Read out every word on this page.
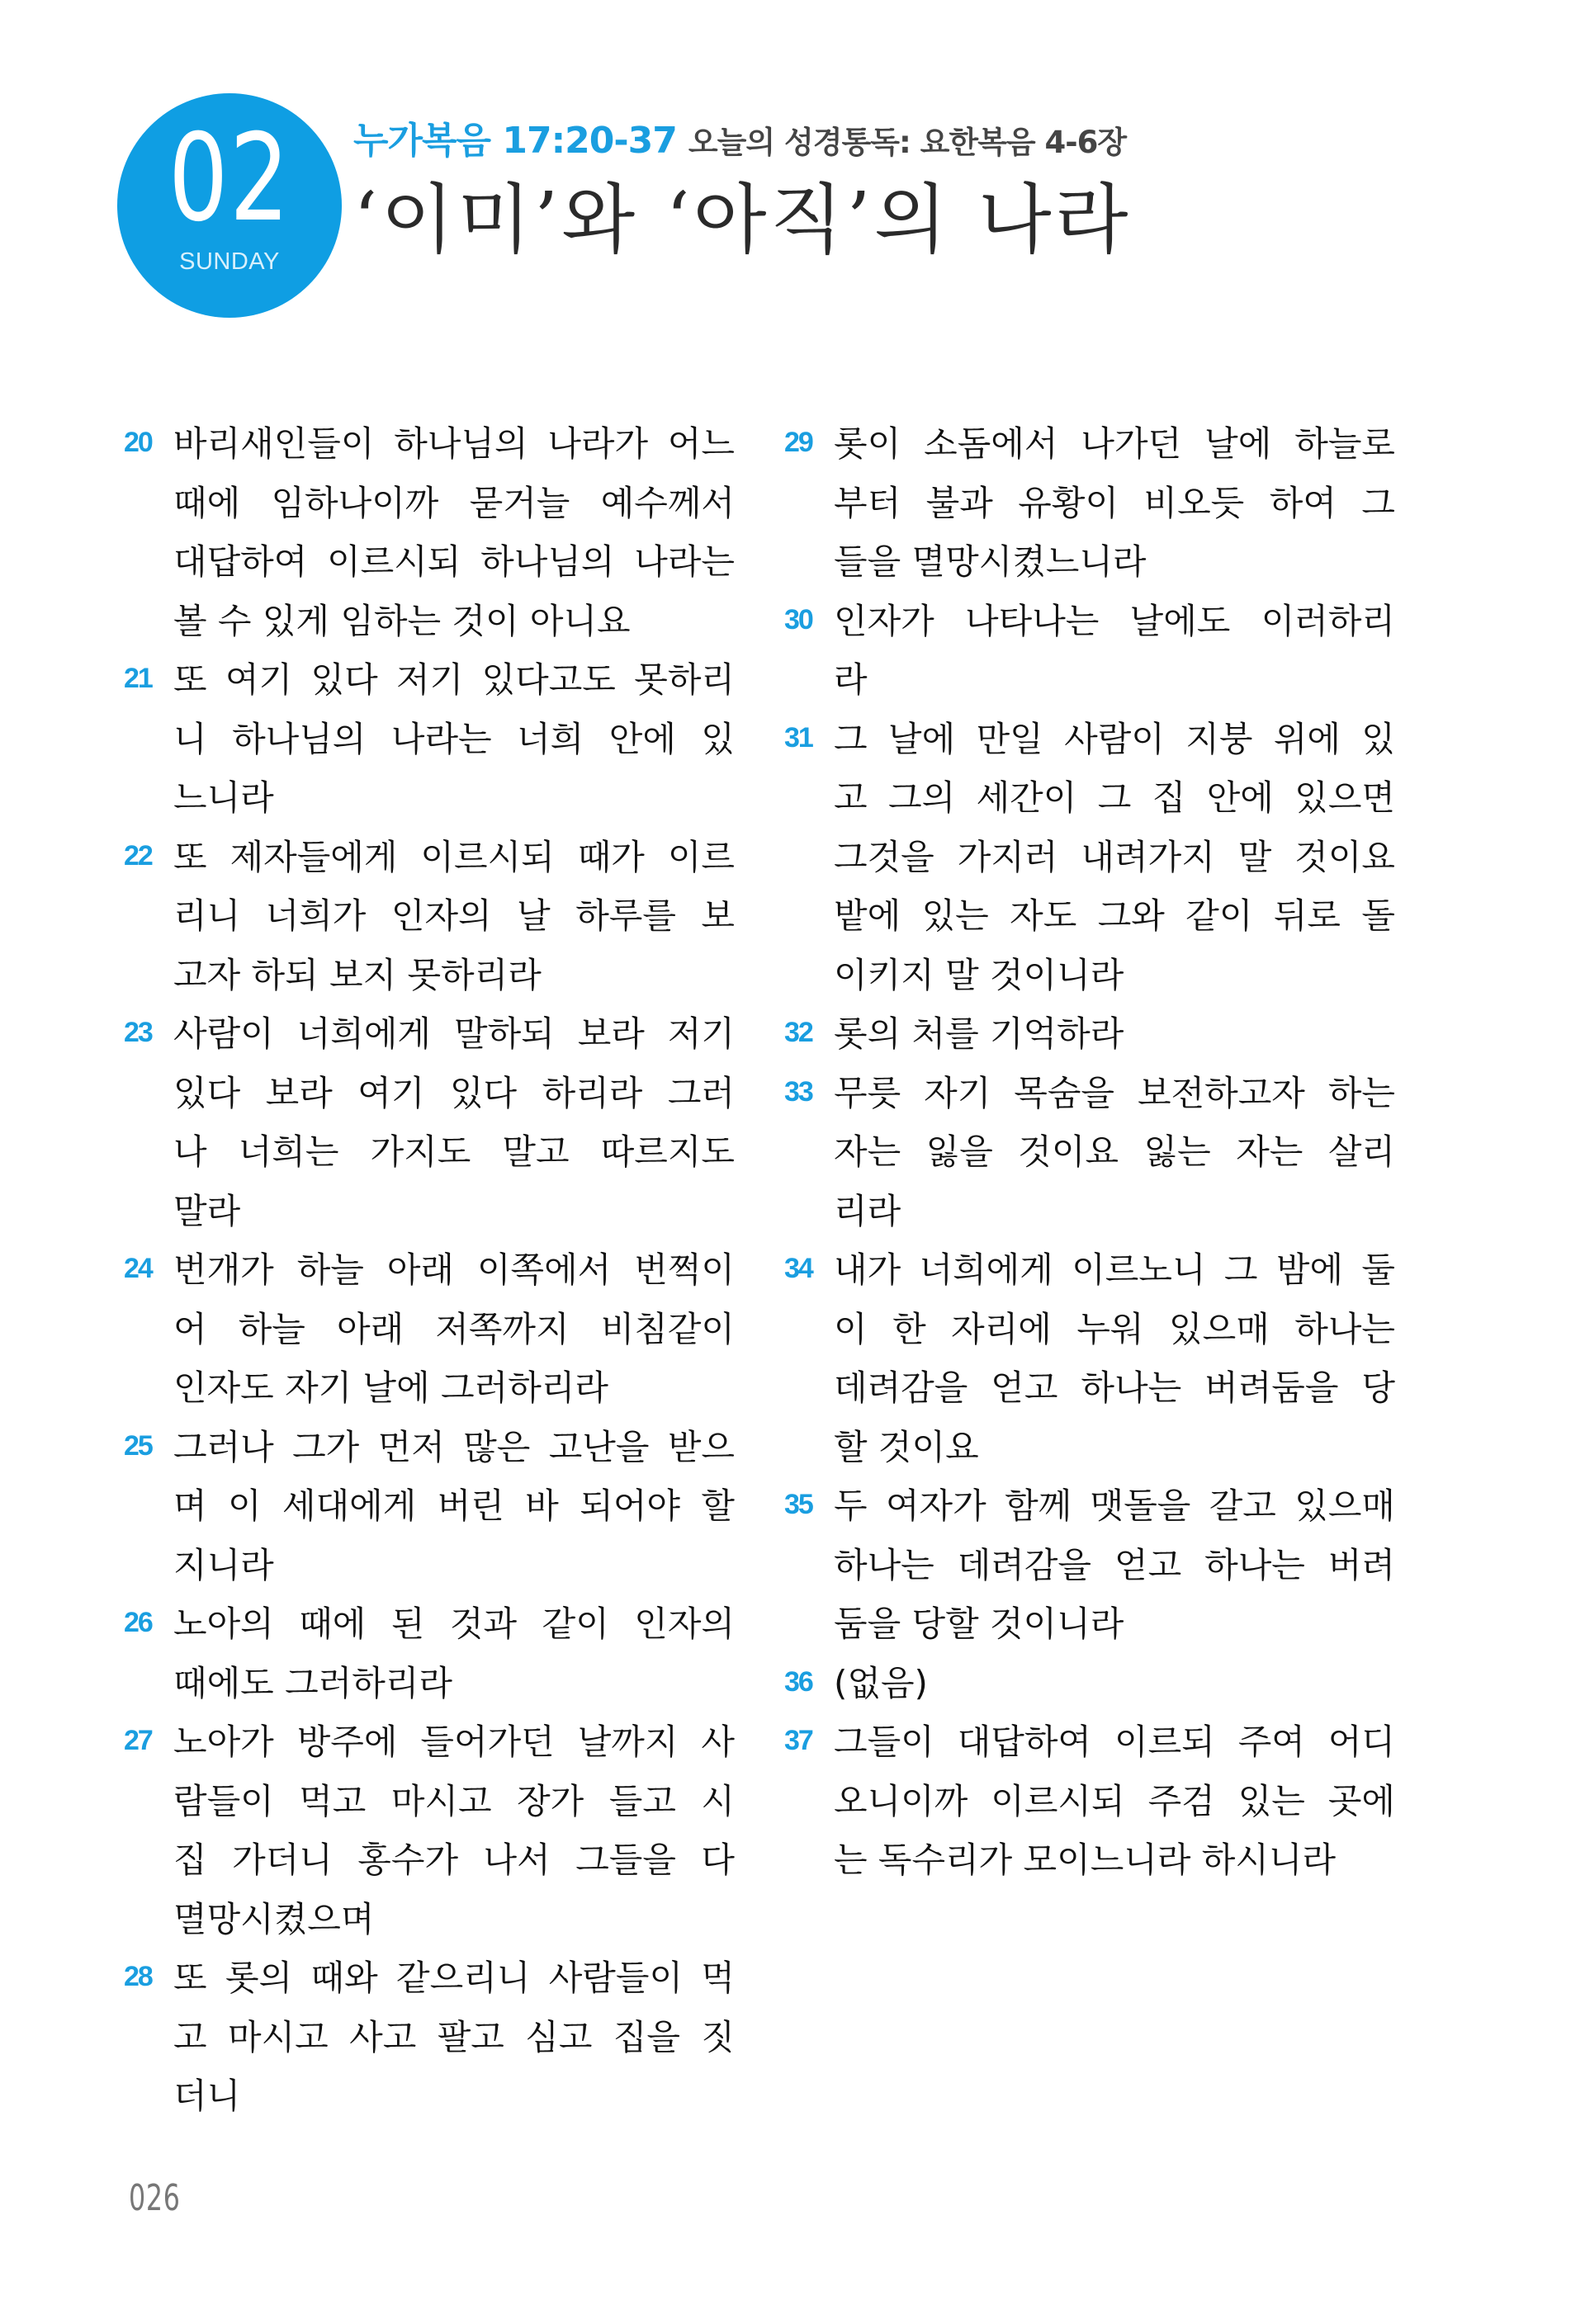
02
SUNDAY
누가복음 17:20-37 오늘의 성경통독: 요한복음 4-6장
‘이미’와 ‘아직’의 나라
20 바리새인들이 하나님의 나라가 어느
때에 임하나이까 묻거늘 예수께서
대답하여 이르시되 하나님의 나라는
볼 수 있게 임하는 것이 아니요
21 또 여기 있다 저기 있다고도 못하리
니 하나님의 나라는 너희 안에 있
느니라
22 또 제자들에게 이르시되 때가 이르
리니 너희가 인자의 날 하루를 보
고자 하되 보지 못하리라
23 사람이 너희에게 말하되 보라 저기
있다 보라 여기 있다 하리라 그러
나 너희는 가지도 말고 따르지도
말라
24 번개가 하늘 아래 이쪽에서 번쩍이
어 하늘 아래 저쪽까지 비침같이
인자도 자기 날에 그러하리라
25 그러나 그가 먼저 많은 고난을 받으
며 이 세대에게 버린 바 되어야 할
지니라
26 노아의 때에 된 것과 같이 인자의
때에도 그러하리라
27 노아가 방주에 들어가던 날까지 사
람들이 먹고 마시고 장가 들고 시
집 가더니 홍수가 나서 그들을 다
멸망시켰으며
28 또 롯의 때와 같으리니 사람들이 먹
고 마시고 사고 팔고 심고 집을 짓
더니
29 롯이 소돔에서 나가던 날에 하늘로
부터 불과 유황이 비오듯 하여 그
들을 멸망시켰느니라
30 인자가 나타나는 날에도 이러하리
라
31 그 날에 만일 사람이 지붕 위에 있
고 그의 세간이 그 집 안에 있으면
그것을 가지러 내려가지 말 것이요
밭에 있는 자도 그와 같이 뒤로 돌
이키지 말 것이니라
32 롯의 처를 기억하라
33 무릇 자기 목숨을 보전하고자 하는
자는 잃을 것이요 잃는 자는 살리
리라
34 내가 너희에게 이르노니 그 밤에 둘
이 한 자리에 누워 있으매 하나는
데려감을 얻고 하나는 버려둠을 당
할 것이요
35 두 여자가 함께 맷돌을 갈고 있으매
하나는 데려감을 얻고 하나는 버려
둠을 당할 것이니라
36 (없음)
37 그들이 대답하여 이르되 주여 어디
오니이까 이르시되 주검 있는 곳에
는 독수리가 모이느니라 하시니라
026
